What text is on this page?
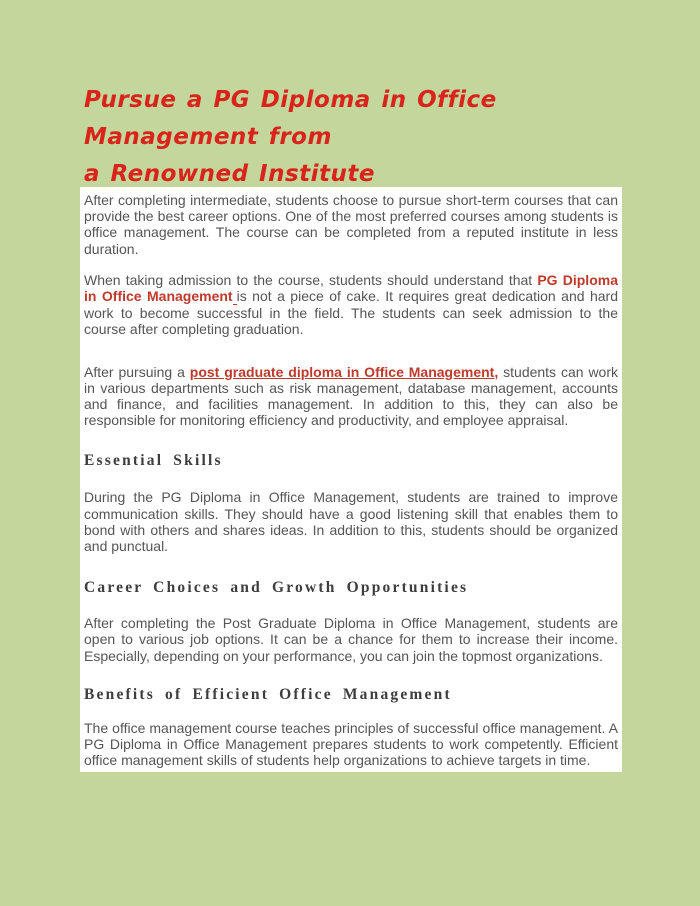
Pursue a PG Diploma in Office Management from
a Renowned Institute

After completing intermediate, students choose to pursue short-term courses that can provide the best career options. One of the most preferred courses among students is office management. The course can be completed from a reputed institute in less duration.

When taking admission to the course, students should understand that PG Diploma in Office Management is not a piece of cake. It requires great dedication and hard work to become successful in the field. The students can seek admission to the course after completing graduation.

After pursuing a post graduate diploma in Office Management, students can work in various departments such as risk management, database management, accounts and finance, and facilities management. In addition to this, they can also be responsible for monitoring efficiency and productivity, and employee appraisal.

Essential Skills

During the PG Diploma in Office Management, students are trained to improve communication skills. They should have a good listening skill that enables them to bond with others and shares ideas. In addition to this, students should be organized and punctual.

Career Choices and Growth Opportunities

After completing the Post Graduate Diploma in Office Management, students are open to various job options. It can be a chance for them to increase their income. Especially, depending on your performance, you can join the topmost organizations.

Benefits of Efficient Office Management

The office management course teaches principles of successful office management. A PG Diploma in Office Management prepares students to work competently. Efficient office management skills of students help organizations to achieve targets in time.
